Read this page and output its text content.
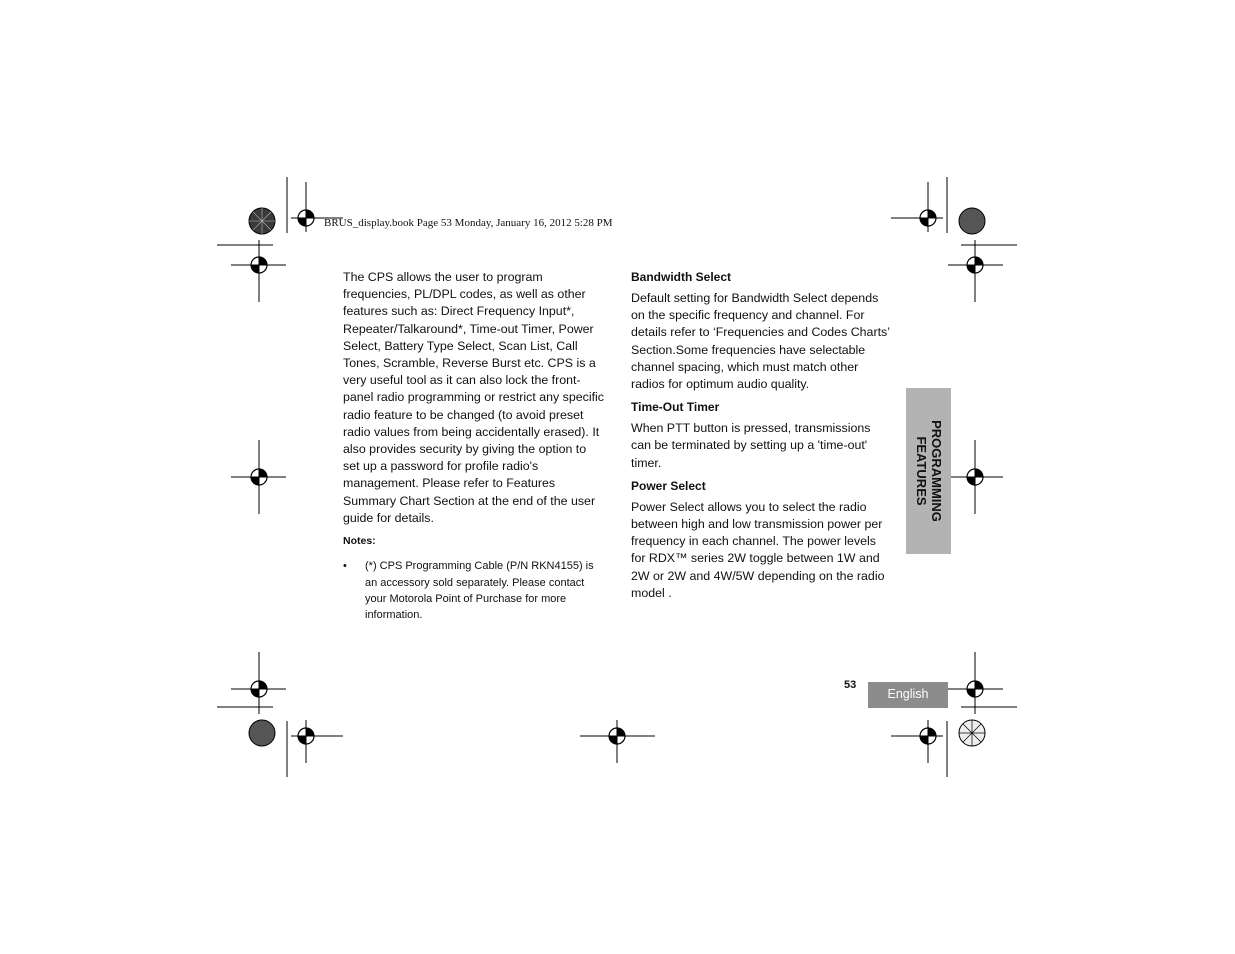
BRUS_display.book Page 53 Monday, January 16, 2012 5:28 PM

The CPS allows the user to program frequencies, PL/DPL codes, as well as other features such as: Direct Frequency Input*, Repeater/Talkaround*, Time-out Timer, Power Select, Battery Type Select, Scan List, Call Tones, Scramble, Reverse Burst etc. CPS is a very useful tool as it can also lock the front-panel radio programming or restrict any specific radio feature to be changed (to avoid preset radio values from being accidentally erased). It also provides security by giving the option to set up a password for profile radio's management. Please refer to Features Summary Chart Section at the end of the user guide for details.

Notes:

• (*) CPS Programming Cable (P/N RKN4155) is an accessory sold separately. Please contact your Motorola Point of Purchase for more information.
Bandwidth Select

Default setting for Bandwidth Select depends on the specific frequency and channel. For details refer to ‘Frequencies and Codes Charts’ Section.Some frequencies have selectable channel spacing, which must match other radios for optimum audio quality.

Time-Out Timer

When PTT button is pressed, transmissions can be terminated by setting up a 'time-out' timer.

Power Select

Power Select allows you to select the radio between high and low transmission power per frequency in each channel. The power levels for RDX™ series 2W toggle between 1W and 2W or 2W and 4W/5W depending on the radio model .

PROGRAMMING
FEATURES
53
English
